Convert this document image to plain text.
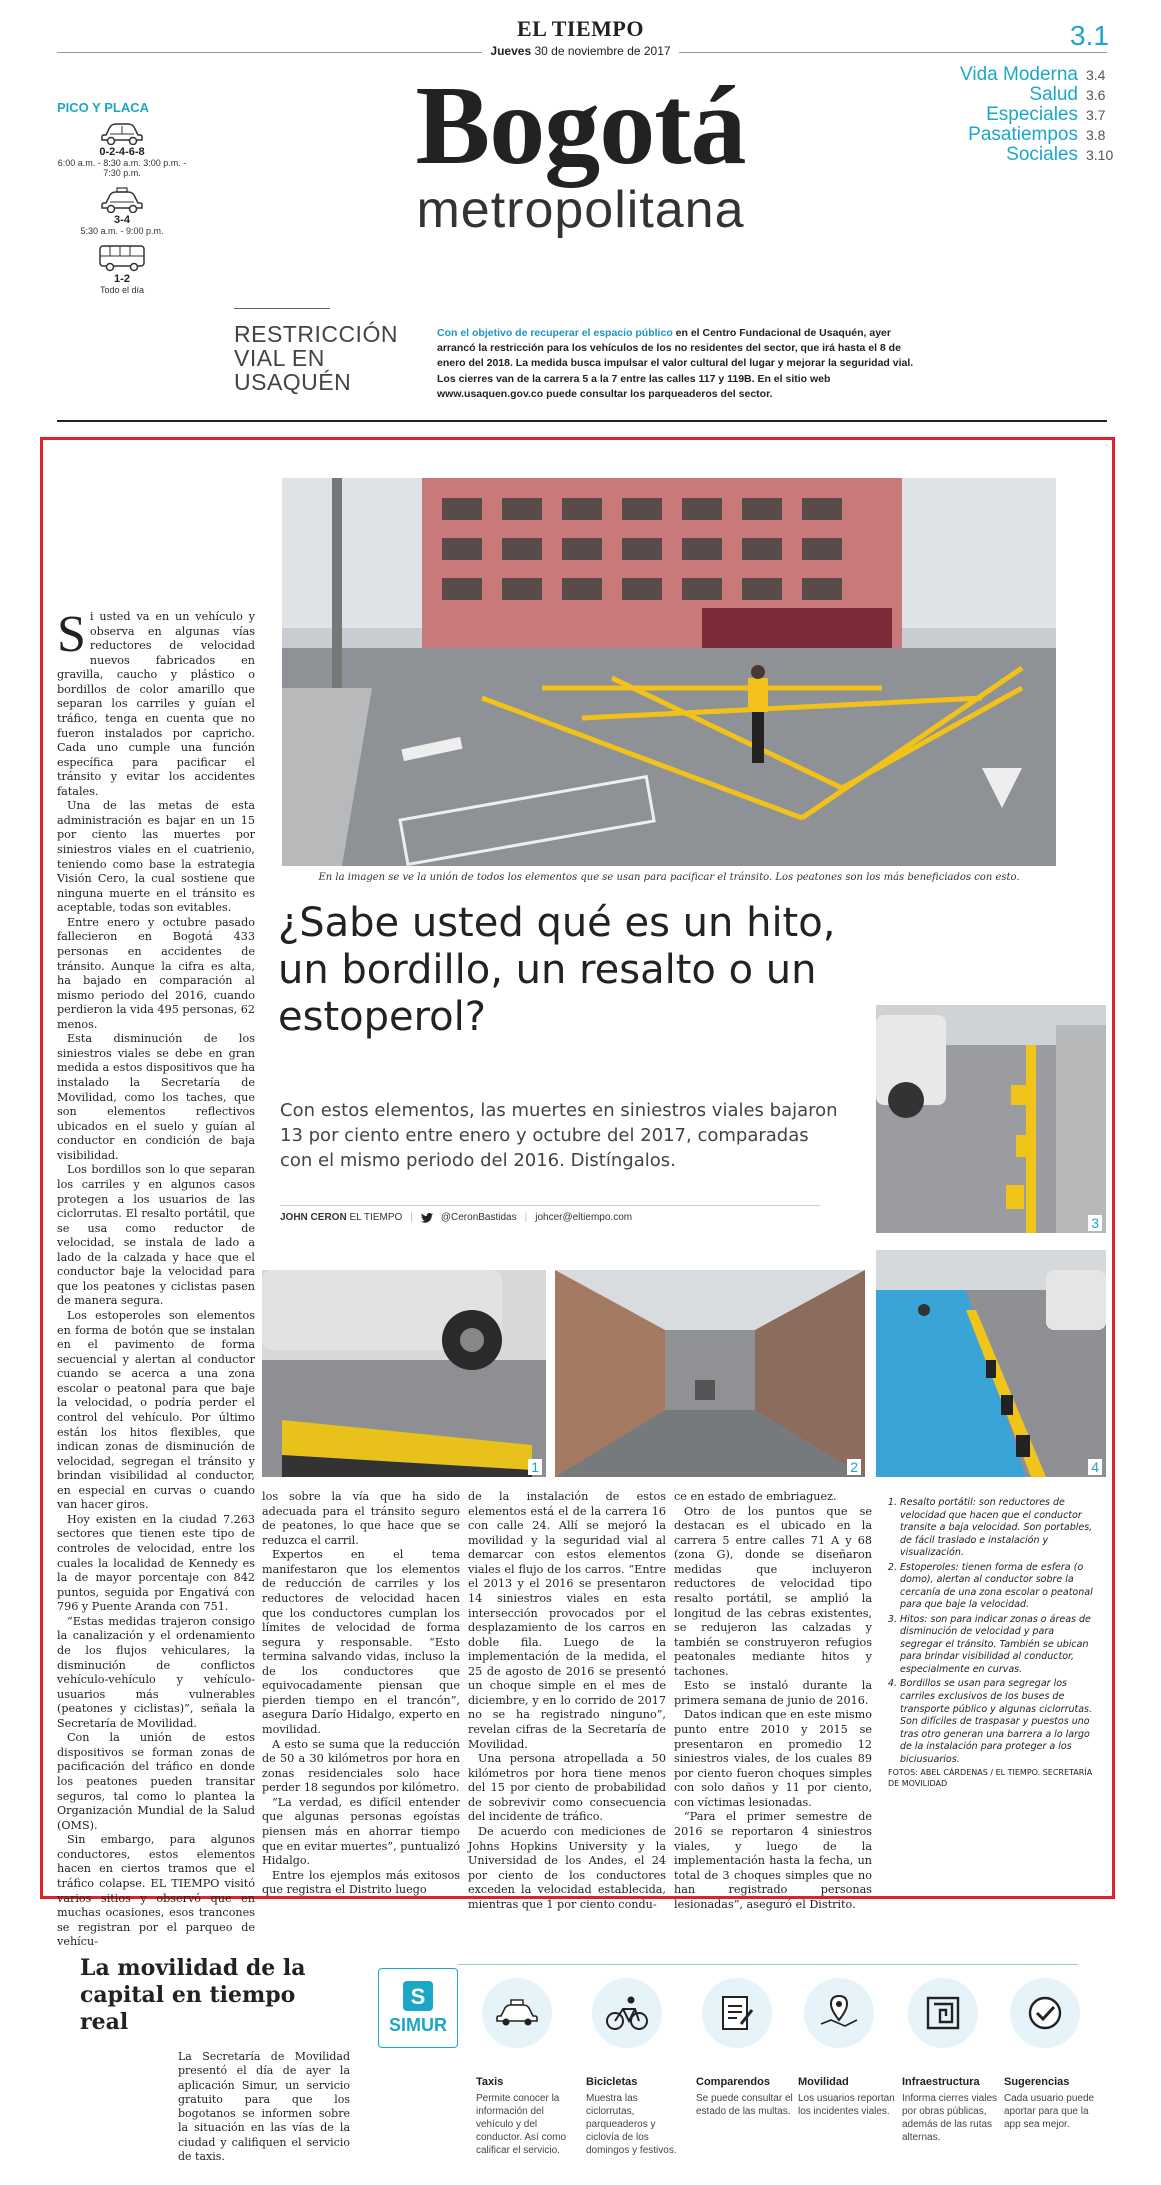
EL TIEMPO
Jueves 30 de noviembre de 2017	3.1
Bogotá
metropolitana
Vida Moderna 3.4
Salud 3.6
Especiales 3.7
Pasatiempos 3.8
Sociales 3.10
PICO Y PLACA
0-2-4-6-8
6:00 a.m. - 8:30 a.m. 3:00 p.m. - 7:30 p.m.
3-4
5:30 a.m. - 9:00 p.m.
1-2
Todo el día
RESTRICCIÓN VIAL EN USAQUÉN
Con el objetivo de recuperar el espacio público en el Centro Fundacional de Usaquén, ayer arrancó la restricción para los vehículos de los no residentes del sector, que irá hasta el 8 de enero del 2018. La medida busca impulsar el valor cultural del lugar y mejorar la seguridad vial. Los cierres van de la carrera 5 a la 7 entre las calles 117 y 119B. En el sitio web www.usaquen.gov.co puede consultar los parqueaderos del sector.
En la imagen se ve la unión de todos los elementos que se usan para pacificar el tránsito. Los peatones son los más beneficiados con esto.
¿Sabe usted qué es un hito, un bordillo, un resalto o un estoperol?
Con estos elementos, las muertes en siniestros viales bajaron 13 por ciento entre enero y octubre del 2017, comparadas con el mismo periodo del 2016. Distíngalos.
JOHN CERON EL TIEMPO |	@CeronBastidas | johcer@eltiempo.com	3
1	2	4

Si usted va en un vehículo y observa en algunas vías reductores de velocidad nuevos fabricados en gravilla, caucho y plástico o bordillos de color amarillo que separan los carriles y guían el tráfico, tenga en cuenta que no fueron instalados por capricho. Cada uno cumple una función específica para pacificar el tránsito y evitar los accidentes fatales.

Una de las metas de esta administración es bajar en un 15 por ciento las muertes por siniestros viales en el cuatrienio, teniendo como base la estrategia Visión Cero, la cual sostiene que ninguna muerte en el tránsito es aceptable, todas son evitables.

Entre enero y octubre pasado fallecieron en Bogotá 433 personas en accidentes de tránsito. Aunque la cifra es alta, ha bajado en comparación al mismo periodo del 2016, cuando perdieron la vida 495 personas, 62 menos.

Esta disminución de los siniestros viales se debe en gran medida a estos dispositivos que ha instalado la Secretaría de Movilidad, como los taches, que son elementos reflectivos ubicados en el suelo y guían al conductor en condición de baja visibilidad.

Los bordillos son lo que separan los carriles y en algunos casos protegen a los usuarios de las ciclorrutas. El resalto portátil, que se usa como reductor de velocidad, se instala de lado a lado de la calzada y hace que el conductor baje la velocidad para que los peatones y ciclistas pasen de manera segura.

Los estoperoles son elementos en forma de botón que se instalan en el pavimento de forma secuencial y alertan al conductor cuando se acerca a una zona escolar o peatonal para que baje la velocidad, o podría perder el control del vehículo. Por último están los hitos flexibles, que indican zonas de disminución de velocidad, segregan el tránsito y brindan visibilidad al conductor, en especial en curvas o cuando van hacer giros.

Hoy existen en la ciudad 7.263 sectores que tienen este tipo de controles de velocidad, entre los cuales la localidad de Kennedy es la de mayor porcentaje con 842 puntos, seguida por Engativá con 796 y Puente Aranda con 751.

“Estas medidas trajeron consigo la canalización y el ordenamiento de los flujos vehiculares, la disminución de conflictos vehículo-vehículo y vehículo-usuarios más vulnerables (peatones y ciclistas)”, señala la Secretaría de Movilidad.

Con la unión de estos dispositivos se forman zonas de pacificación del tráfico en donde los peatones pueden transitar seguros, tal como lo plantea la Organización Mundial de la Salud (OMS).

Sin embargo, para algunos conductores, estos elementos hacen en ciertos tramos que el tráfico colapse. EL TIEMPO visitó varios sitios y observó que en muchas ocasiones, esos trancones se registran por el parqueo de vehícu-

los sobre la vía que ha sido adecuada para el tránsito seguro de peatones, lo que hace que se reduzca el carril.

Expertos en el tema manifestaron que los elementos de reducción de carriles y los reductores de velocidad hacen que los conductores cumplan los límites de velocidad de forma segura y responsable. “Esto termina salvando vidas, incluso la de los conductores que equivocadamente piensan que pierden tiempo en el trancón”, asegura Darío Hidalgo, experto en movilidad.

A esto se suma que la reducción de 50 a 30 kilómetros por hora en zonas residenciales solo hace perder 18 segundos por kilómetro.

“La verdad, es difícil entender que algunas personas egoístas piensen más en ahorrar tiempo que en evitar muertes”, puntualizó Hidalgo.

Entre los ejemplos más exitosos que registra el Distrito luego

de la instalación de estos elementos está el de la carrera 16 con calle 24. Allí se mejoró la movilidad y la seguridad vial al demarcar con estos elementos viales el flujo de los carros. “Entre el 2013 y el 2016 se presentaron 14 siniestros viales en esta intersección provocados por el desplazamiento de los carros en doble fila. Luego de la implementación de la medida, el 25 de agosto de 2016 se presentó un choque simple en el mes de diciembre, y en lo corrido de 2017 no se ha registrado ninguno”, revelan cifras de la Secretaría de Movilidad.

Una persona atropellada a 50 kilómetros por hora tiene menos del 15 por ciento de probabilidad de sobrevivir como consecuencia del incidente de tráfico.

De acuerdo con mediciones de Johns Hopkins University y la Universidad de los Andes, el 24 por ciento de los conductores exceden la velocidad establecida, mientras que 1 por ciento condu-

ce en estado de embriaguez.

Otro de los puntos que se destacan es el ubicado en la carrera 5 entre calles 71 A y 68 (zona G), donde se diseñaron medidas que incluyeron reductores de velocidad tipo resalto portátil, se amplió la longitud de las cebras existentes, se redujeron las calzadas y también se construyeron refugios peatonales mediante hitos y tachones.

Esto se instaló durante la primera semana de junio de 2016.

Datos indican que en este mismo punto entre 2010 y 2015 se presentaron en promedio 12 siniestros viales, de los cuales 89 por ciento fueron choques simples con solo daños y 11 por ciento, con víctimas lesionadas.

“Para el primer semestre de 2016 se reportaron 4 siniestros viales, y luego de la implementación hasta la fecha, un total de 3 choques simples que no han registrado personas lesionadas”, aseguró el Distrito.

1. Resalto portátil: son reductores de velocidad que hacen que el conductor transite a baja velocidad. Son portables, de fácil traslado e instalación y visualización.
2. Estoperoles: tienen forma de esfera (o domo), alertan al conductor sobre la cercanía de una zona escolar o peatonal para que baje la velocidad.
3. Hitos: son para indicar zonas o áreas de disminución de velocidad y para segregar el tránsito. También se ubican para brindar visibilidad al conductor, especialmente en curvas.
4. Bordillos se usan para segregar los carriles exclusivos de los buses de transporte público y algunas ciclorrutas. Son difíciles de traspasar y puestos uno tras otro generan una barrera a lo largo de la instalación para proteger a los biciusuarios.
FOTOS: ABEL CÁRDENAS / EL TIEMPO. SECRETARÍA DE MOVILIDAD
La movilidad de la capital en tiempo real
La Secretaría de Movilidad presentó el día de ayer la aplicación Simur, un servicio gratuito para que los bogotanos se informen sobre la situación en las vías de la ciudad y califiquen el servicio de taxis.
S
SIMUR
Taxis
Permite conocer la información del vehículo y del conductor. Así como calificar el servicio.
Bicicletas
Muestra las ciclorrutas, parqueaderos y ciclovía de los domingos y festivos.
Comparendos
Se puede consultar el estado de las multas.
Movilidad
Los usuarios reportan los incidentes viales.
Infraestructura
Informa cierres viales por obras públicas, además de las rutas alternas.
Sugerencias
Cada usuario puede aportar para que la app sea mejor.
